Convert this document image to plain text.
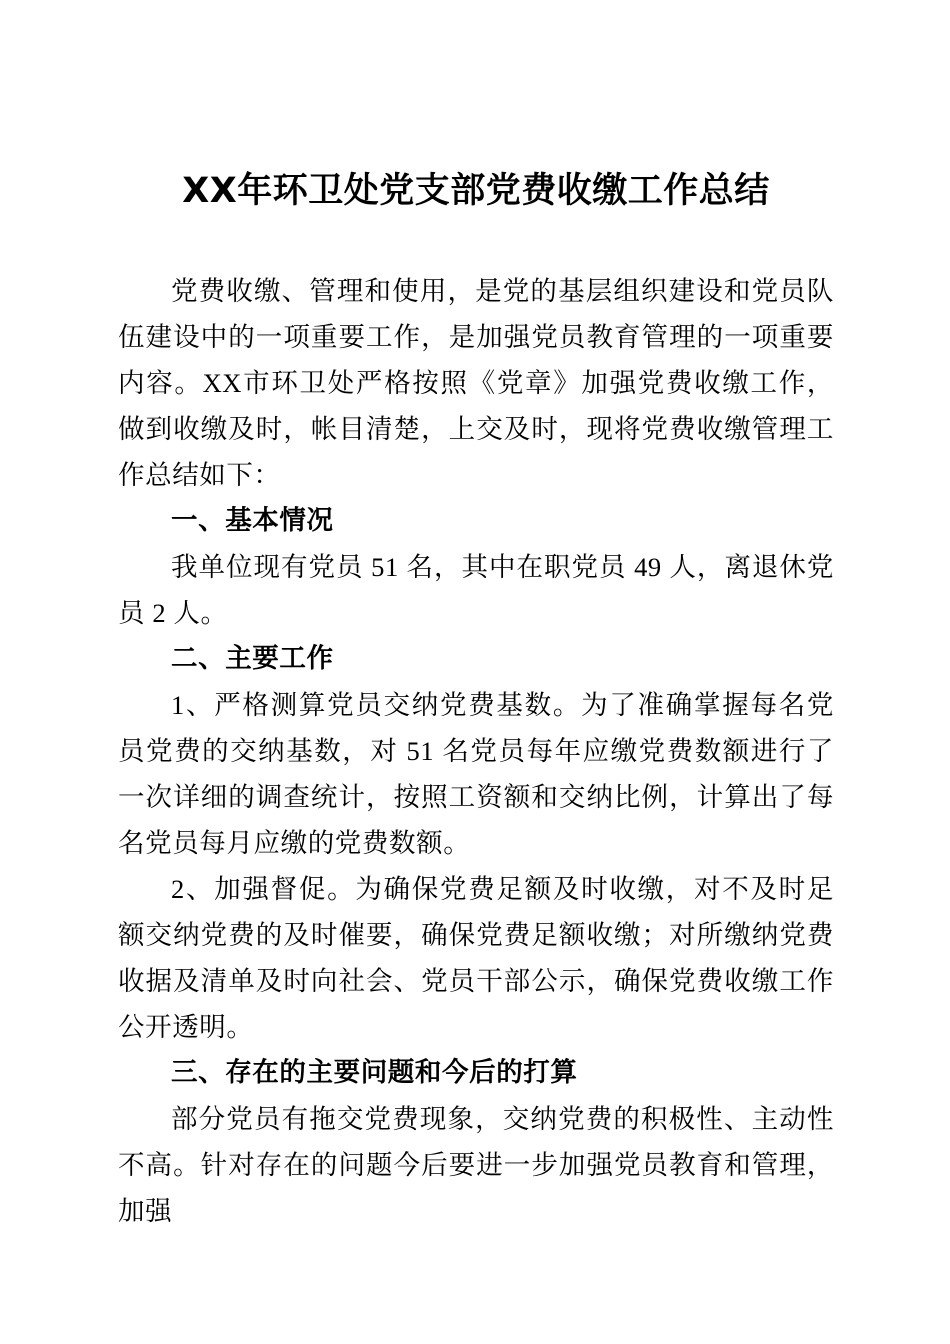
XX年环卫处党支部党费收缴工作总结

党费收缴、管理和使用，是党的基层组织建设和党员队伍建设中的一项重要工作，是加强党员教育管理的一项重要内容。XX市环卫处严格按照《党章》加强党费收缴工作，做到收缴及时，帐目清楚，上交及时，现将党费收缴管理工作总结如下：

一、基本情况

我单位现有党员 51 名，其中在职党员 49 人，离退休党员 2 人。

二、主要工作

1、严格测算党员交纳党费基数。为了准确掌握每名党员党费的交纳基数，对 51 名党员每年应缴党费数额进行了一次详细的调查统计，按照工资额和交纳比例，计算出了每名党员每月应缴的党费数额。

2、加强督促。为确保党费足额及时收缴，对不及时足额交纳党费的及时催要，确保党费足额收缴；对所缴纳党费收据及清单及时向社会、党员干部公示，确保党费收缴工作公开透明。

三、存在的主要问题和今后的打算

部分党员有拖交党费现象，交纳党费的积极性、主动性不高。针对存在的问题今后要进一步加强党员教育和管理，加强
